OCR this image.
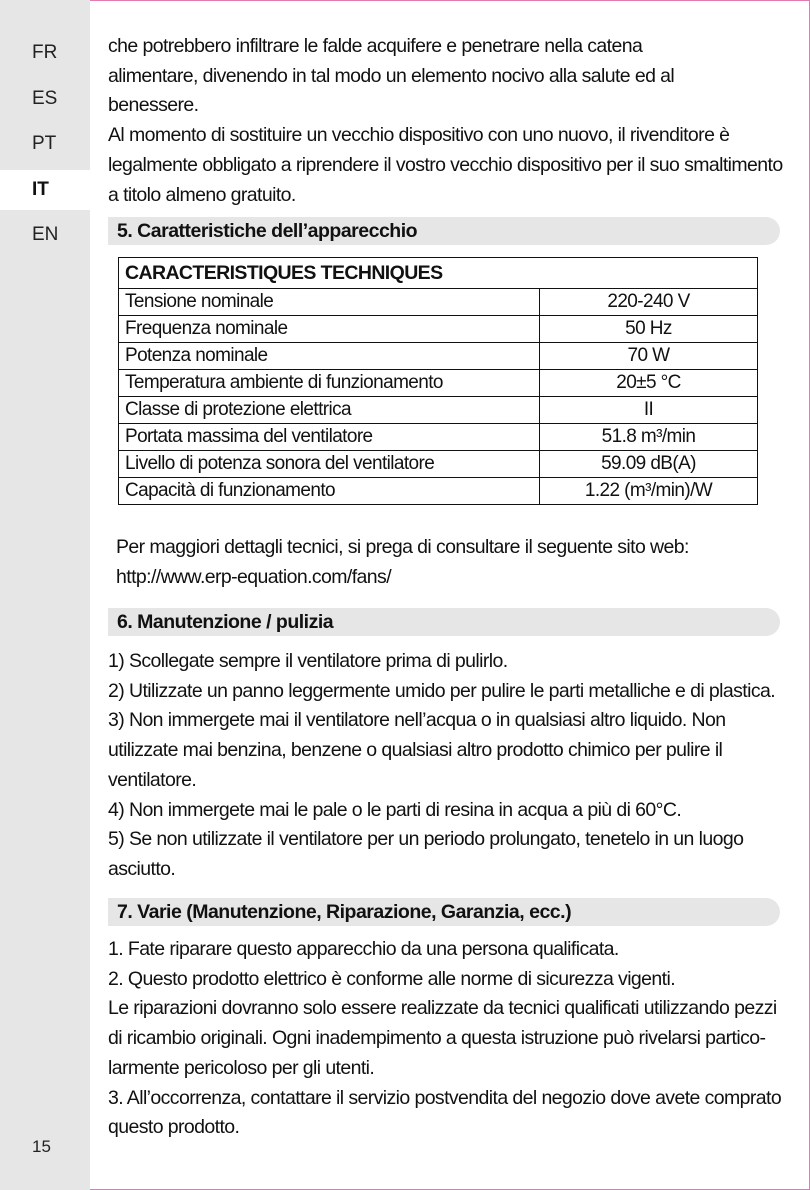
FR
ES
PT
IT
EN
15

che potrebbero infiltrare le falde acquifere e penetrare nella catena

alimentare, divenendo in tal modo un elemento nocivo alla salute ed al

benessere.

Al momento di sostituire un vecchio dispositivo con uno nuovo, il rivenditore è

legalmente obbligato a riprendere il vostro vecchio dispositivo per il suo smaltimento

a titolo almeno gratuito.

5. Caratteristiche dell’apparecchio
CARACTERISTIQUES TECHNIQUES	
Tensione nominale	220-240 V
Frequenza nominale	50 Hz
Potenza nominale	70 W
Temperatura ambiente di funzionamento	20±5 °C
Classe di protezione elettrica	II
Portata massima del ventilatore	51.8 m³/min
Livello di potenza sonora del ventilatore	59.09 dB(A)
Capacità di funzionamento	1.22 (m³/min)/W

Per maggiori dettagli tecnici, si prega di consultare il seguente sito web:

http://www.erp-equation.com/fans/

6. Manutenzione / pulizia

1) Scollegate sempre il ventilatore prima di pulirlo.

2) Utilizzate un panno leggermente umido per pulire le parti metalliche e di plastica.

3) Non immergete mai il ventilatore nell’acqua o in qualsiasi altro liquido. Non

utilizzate mai benzina, benzene o qualsiasi altro prodotto chimico per pulire il

ventilatore.

4) Non immergete mai le pale o le parti di resina in acqua a più di 60°C.

5) Se non utilizzate il ventilatore per un periodo prolungato, tenetelo in un luogo

asciutto.

7. Varie (Manutenzione, Riparazione, Garanzia, ecc.)

1. Fate riparare questo apparecchio da una persona qualificata.

2. Questo prodotto elettrico è conforme alle norme di sicurezza vigenti.

Le riparazioni dovranno solo essere realizzate da tecnici qualificati utilizzando pezzi

di ricambio originali. Ogni inadempimento a questa istruzione può rivelarsi partico-

larmente pericoloso per gli utenti.

3. All’occorrenza, contattare il servizio postvendita del negozio dove avete comprato

questo prodotto.
